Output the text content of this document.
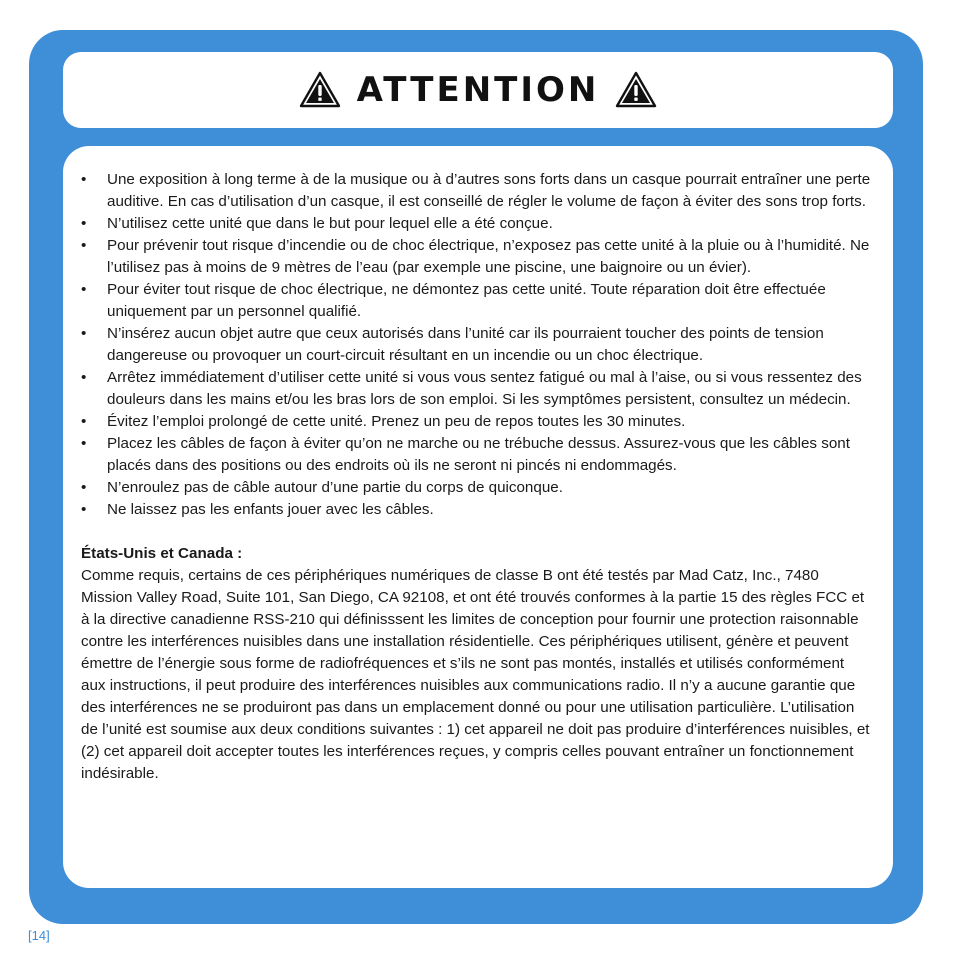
ATTENTION
• Une exposition à long terme à de la musique ou à d’autres sons forts dans un casque pourrait entraîner une perte auditive. En cas d’utilisation d’un casque, il est conseillé de régler le volume de façon à éviter des sons trop forts.
• N’utilisez cette unité que dans le but pour lequel elle a été conçue.
• Pour prévenir tout risque d’incendie ou de choc électrique, n’exposez pas cette unité à la pluie ou à l’humidité. Ne l’utilisez pas à moins de 9 mètres de l’eau (par exemple une piscine, une baignoire ou un évier).
• Pour éviter tout risque de choc électrique, ne démontez pas cette unité. Toute réparation doit être effectuée uniquement par un personnel qualifié.
• N’insérez aucun objet autre que ceux autorisés dans l’unité car ils pourraient toucher des points de tension dangereuse ou provoquer un court-circuit résultant en un incendie ou un choc électrique.
• Arrêtez immédiatement d’utiliser cette unité si vous vous sentez fatigué ou mal à l’aise, ou si vous ressentez des douleurs dans les mains et/ou les bras lors de son emploi. Si les symptômes persistent, consultez un médecin.
• Évitez l’emploi prolongé de cette unité. Prenez un peu de repos toutes les 30 minutes.
• Placez les câbles de façon à éviter qu’on ne marche ou ne trébuche dessus. Assurez-vous que les câbles sont placés dans des positions ou des endroits où ils ne seront ni pincés ni endommagés.
• N’enroulez pas de câble autour d’une partie du corps de quiconque.
• Ne laissez pas les enfants jouer avec les câbles.
États-Unis et Canada :

Comme requis, certains de ces périphériques numériques de classe B ont été testés par Mad Catz, Inc., 7480 Mission Valley Road, Suite 101, San Diego, CA 92108, et ont été trouvés conformes à la partie 15 des règles FCC et à la directive canadienne RSS-210 qui définisssent les limites de conception pour fournir une protection raisonnable contre les interférences nuisibles dans une installation résidentielle. Ces périphériques utilisent, génère et peuvent émettre de l’énergie sous forme de radiofréquences et s’ils ne sont pas montés, installés et utilisés conformément aux instructions, il peut produire des interférences nuisibles aux communications radio. Il n’y a aucune garantie que des interférences ne se produiront pas dans un emplacement donné ou pour une utilisation particulière. L’utilisation de l’unité est soumise aux deux conditions suivantes : 1) cet appareil ne doit pas produire d’interférences nuisibles, et (2) cet appareil doit accepter toutes les interférences reçues, y compris celles pouvant entraîner un fonctionnement indésirable.

[14]
